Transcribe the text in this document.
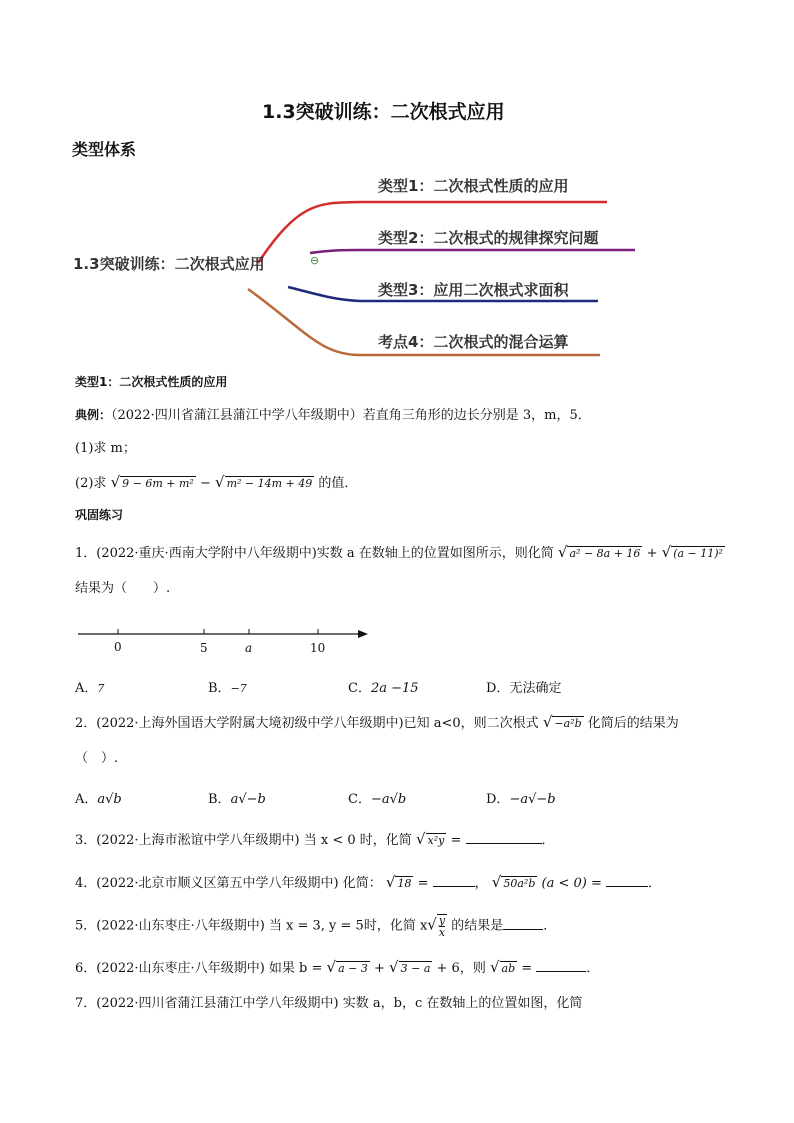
1.3突破训练：二次根式应用
类型体系
1.3突破训练：二次根式应用	⊖
类型1：二次根式性质的应用
类型2：二次根式的规律探究问题
类型3：应用二次根式求面积
考点4：二次根式的混合运算
类型1：二次根式性质的应用
典例：（2022·四川省蒲江县蒲江中学八年级期中）若直角三角形的边长分别是 3，m，5．
(1)求 m；
(2)求 √ 9 − 6m + m² − √ m² − 14m + 49 的值．
巩固练习
1．(2022·重庆·西南大学附中八年级期中)实数 a 在数轴上的位置如图所示，则化简 √ a² − 8a + 16 + √ (a − 11)²
结果为（　　）.
0	5	a	10
A．7	B．−7	C．2a −15	D．无法确定
2．(2022·上海外国语大学附属大境初级中学八年级期中)已知 a<0，则二次根式 √ −a²b 化简后的结果为
（　）.
A．a√b	B．a√−b	C．−a√b	D．−a√−b
3．(2022·上海市淞谊中学八年级期中) 当 x < 0 时，化简 √ x²y =	．
4．(2022·北京市顺义区第五中学八年级期中) 化简： √ 18 =	， √ 50a²b (a < 0) =	．
5．(2022·山东枣庄·八年级期中) 当 x = 3, y = 5时，化简 $x√ \frac{y}{x}$ 的结果是	．
6．(2022·山东枣庄·八年级期中) 如果 b = √ a − 3 + √ 3 − a + 6，则 √ ab =	．
7．(2022·四川省蒲江县蒲江中学八年级期中) 实数 a，b，c 在数轴上的位置如图，化简
